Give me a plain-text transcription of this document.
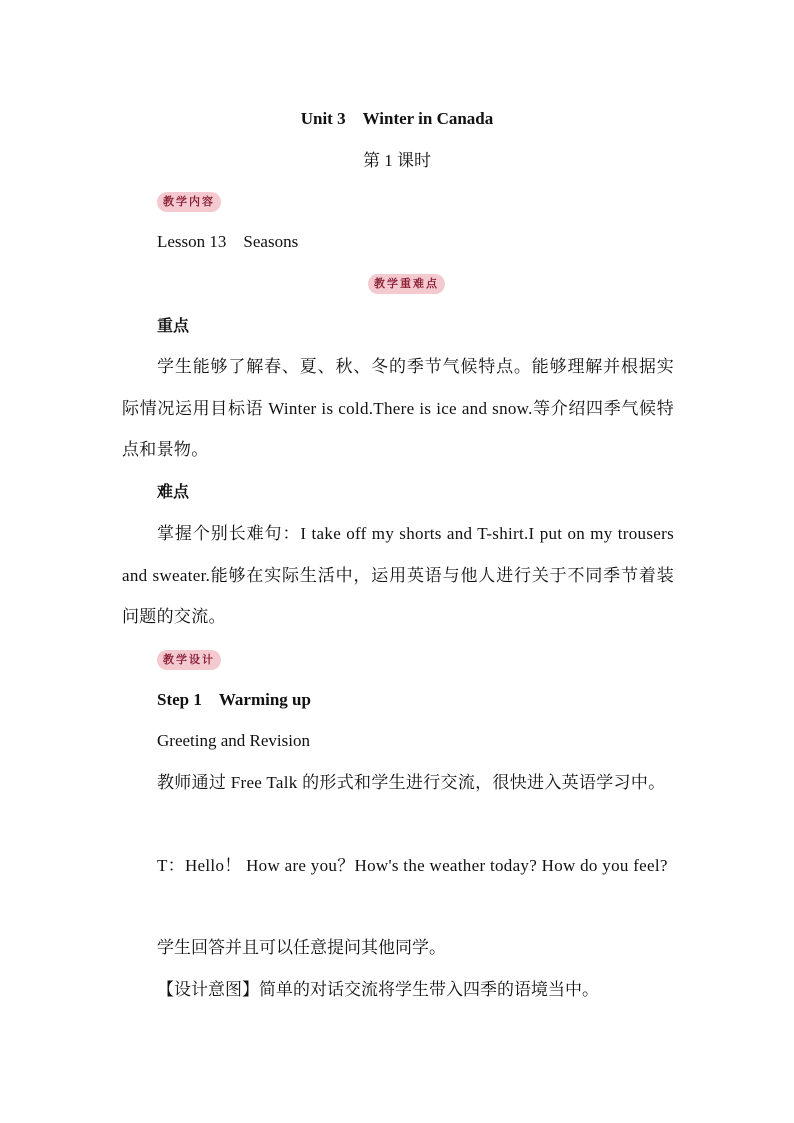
Unit 3　Winter in Canada
第 1 课时
教学内容
Lesson 13　Seasons
教学重难点
重点
学生能够了解春、夏、秋、冬的季节气候特点。能够理解并根据实际情况运用目标语 Winter is cold.There is ice and snow.等介绍四季气候特点和景物。
难点
掌握个别长难句：I take off my shorts and T-shirt.I put on my trousers and sweater.能够在实际生活中，运用英语与他人进行关于不同季节着装问题的交流。
教学设计
Step 1　Warming up
Greeting and Revision
教师通过 Free Talk 的形式和学生进行交流，很快进入英语学习中。
T：Hello！ How are you？How's the weather today? How do you feel?
学生回答并且可以任意提问其他同学。
【设计意图】简单的对话交流将学生带入四季的语境当中。
